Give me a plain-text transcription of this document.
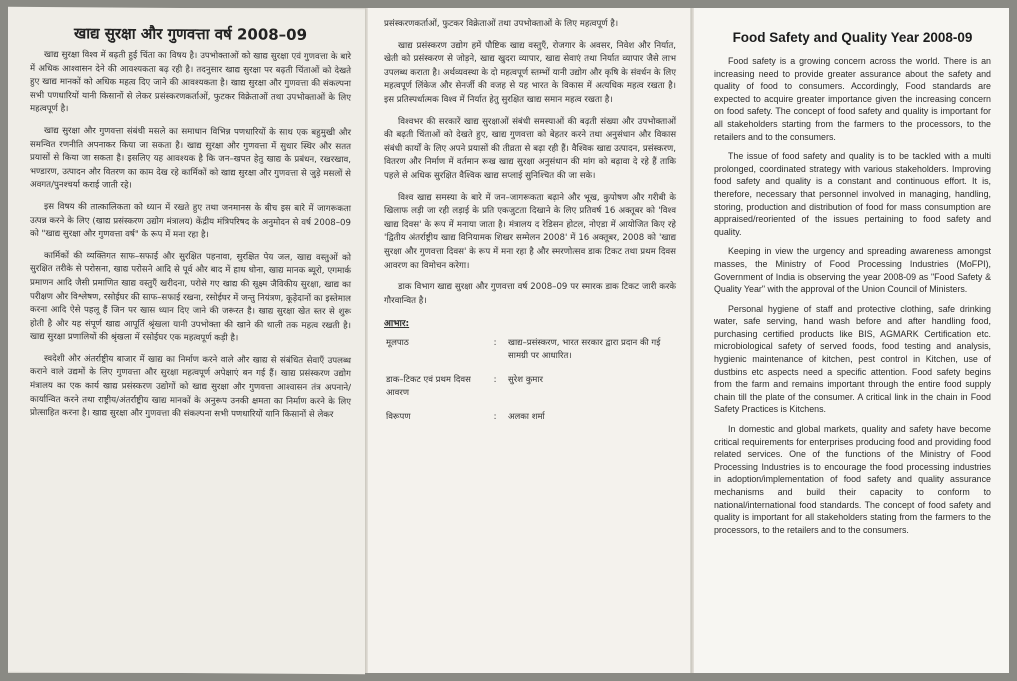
खाद्य सुरक्षा और गुणवत्ता वर्ष 2008–09

खाद्य सुरक्षा विश्व में बढ़ती हुई चिंता का विषय है। उपभोक्ताओं को खाद्य सुरक्षा एवं गुणवत्ता के बारे में अधिक आश्वासन देने की आवश्यकता बढ़ रही है। तदनुसार खाद्य सुरक्षा पर बढ़ती चिंताओं को देखते हुए खाद्य मानकों को अधिक महत्व दिए जाने की आवश्यकता है। खाद्य सुरक्षा और गुणवत्ता की संकल्पना सभी पणधारियों यानी किसानों से लेकर प्रसंस्करणकर्ताओं, फुटकर विक्रेताओं तथा उपभोक्ताओं के लिए महत्वपूर्ण है।

खाद्य सुरक्षा और गुणवत्ता संबंधी मसले का समाधान विभिन्न पणधारियों के साथ एक बहुमुखी और समन्वित रणनीति अपनाकर किया जा सकता है। खाद्य सुरक्षा और गुणवत्ता में सुधार स्थिर और सतत प्रयासों से किया जा सकता है। इसलिए यह आवश्यक है कि जन–खपत हेतु खाद्य के प्रबंधन, रखरखाव, भण्डारण, उत्पादन और वितरण का काम देख रहे कार्मिकों को खाद्य सुरक्षा और गुणवत्ता से जुड़े मसलों से अवगत/पुनश्चर्या कराई जाती रहे।

इस विषय की तात्कालिकता को ध्यान में रखते हुए तथा जनमानस के बीच इस बारे में जागरूकता उत्पन्न करने के लिए (खाद्य प्रसंस्करण उद्योग मंत्रालय) केंद्रीय मंत्रिपरिषद के अनुमोदन से वर्ष 2008–09 को "खाद्य सुरक्षा और गुणवत्ता वर्ष" के रूप में मना रहा है।

कार्मिकों की व्यक्तिगत साफ–सफाई और सुरक्षित पहनावा, सुरक्षित पेय जल, खाद्य वस्तुओं को सुरक्षित तरीके से परोसना, खाद्य परोसने आदि से पूर्व और बाद में हाथ धोना, खाद्य मानक ब्यूरो, एगमार्क प्रमाणन आदि जैसी प्रमाणित खाद्य वस्तुएँ खरीदना, परोसे गए खाद्य की सूक्ष्म जैविकीय सुरक्षा, खाद्य का परीक्षण और विश्लेषण, रसोईघर की साफ–सफाई रखना, रसोईघर में जन्तु नियंत्रण, कूड़ेदानों का इस्तेमाल करना आदि ऐसे पहलू हैं जिन पर खास ध्यान दिए जाने की जरूरत है। खाद्य सुरक्षा खेत स्तर से शुरू होती है और यह संपूर्ण खाद्य आपूर्ति श्रृंखला यानी उपभोक्ता की खाने की थाली तक महत्व रखती है। खाद्य सुरक्षा प्रणालियों की श्रृंखला में रसोईघर एक महत्वपूर्ण कड़ी है।

स्वदेशी और अंतर्राष्ट्रीय बाजार में खाद्य का निर्माण करने वाले और खाद्य से संबंधित सेवाएँ उपलब्ध कराने वाले उद्यमों के लिए गुणवत्ता और सुरक्षा महत्वपूर्ण अपेक्षाएं बन गई हैं। खाद्य प्रसंस्करण उद्योग मंत्रालय का एक कार्य खाद्य प्रसंस्करण उद्योगों को खाद्य सुरक्षा और गुणवत्ता आश्वासन तंत्र अपनाने/कार्यान्वित करने तथा राष्ट्रीय/अंतर्राष्ट्रीय खाद्य मानकों के अनुरूप उनकी क्षमता का निर्माण करने के लिए प्रोत्साहित करना है। खाद्य सुरक्षा और गुणवत्ता की संकल्पना सभी पणधारियों यानि किसानों से लेकर

प्रसंस्करणकर्ताओं, फुटकर विक्रेताओं तथा उपभोक्ताओं के लिए महत्वपूर्ण है।

खाद्य प्रसंस्करण उद्योग हमें पौष्टिक खाद्य वस्तुएँ, रोजगार के अवसर, निवेश और निर्यात, खेती को प्रसंस्करण से जोड़ने, खाद्य खुदरा व्यापार, खाद्य सेवाएं तथा निर्यात व्यापार जैसे लाभ उपलब्ध कराता है। अर्थव्यवस्था के दो महत्वपूर्ण स्तम्भों यानी उद्योग और कृषि के संवर्धन के लिए महत्वपूर्ण लिंकेज और सेनर्जी की वजह से यह भारत के विकास में अत्यधिक महत्व रखता है। इस प्रतिस्पर्धात्मक विश्व में निर्यात हेतु सुरक्षित खाद्य समान महत्व रखता है।

विश्वभर की सरकारें खाद्य सुरक्षाओं संबंधी समस्याओं की बढ़ती संख्या और उपभोक्ताओं की बढ़ती चिंताओं को देखते हुए, खाद्य गुणवत्ता को बेहतर करने तथा अनुसंधान और विकास संबंधी कार्यों के लिए अपने प्रयासों की तीव्रता से बढ़ा रही हैं। वैश्विक खाद्य उत्पादन, प्रसंस्करण, वितरण और निर्माण में वर्तमान रूख खाद्य सुरक्षा अनुसंधान की मांग को बढ़ावा दे रहे हैं ताकि पहले से अधिक सुरक्षित वैश्विक खाद्य सप्लाई सुनिश्चित की जा सके।

विश्व खाद्य समस्या के बारे में जन–जागरूकता बढ़ाने और भूख, कुपोषण और गरीबी के खिलाफ लड़ी जा रही लड़ाई के प्रति एकजुटता दिखाने के लिए प्रतिवर्ष 16 अक्तूबर को 'विश्व खाद्य दिवस' के रूप में मनाया जाता है। मंत्रालय द रेडिसन होटल, नोएडा में आयोजित किए रहे 'द्वितीय अंतर्राष्ट्रीय खाद्य विनियामक शिखर सम्मेलन 2008' में 16 अक्तूबर, 2008 को 'खाद्य सुरक्षा और गुणवत्ता दिवस' के रूप में मना रहा है और स्मरणोत्सव डाक टिकट तथा प्रथम दिवस आवरण का विमोचन करेगा।

डाक विभाग खाद्य सुरक्षा और गुणवत्ता वर्ष 2008–09 पर स्मारक डाक टिकट जारी करके गौरवान्वित है।

आभार:
मूलपाठ	:	खाद्य–प्रसंस्करण, भारत सरकार द्वारा प्रदान की गई सामग्री पर आधारित।
डाक–टिकट एवं प्रथम दिवस आवरण	:	सुरेश कुमार
विरूपण	:	अलका शर्मा
Food Safety and Quality Year 2008-09

Food safety is a growing concern across the world. There is an increasing need to provide greater assurance about the safety and quality of food to consumers. Accordingly, Food standards are expected to acquire greater importance given the increasing concern on food safety. The concept of food safety and quality is important for all stakeholders starting from the farmers to the processors, to the retailers and to the consumers.

The issue of food safety and quality is to be tackled with a multi prolonged, coordinated strategy with various stakeholders. Improving food safety and quality is a constant and continuous effort. It is, therefore, necessary that personnel involved in managing, handling, storing, production and distribution of food for mass consumption are appraised/reoriented of the issues pertaining to food safety and quality.

Keeping in view the urgency and spreading awareness amongst masses, the Ministry of Food Processing Industries (MoFPI), Government of India is observing the year 2008-09 as "Food Safety & Quality Year" with the approval of the Union Council of Ministers.

Personal hygiene of staff and protective clothing, safe drinking water, safe serving, hand wash before and after handling food, purchasing certified products like BIS, AGMARK Certification etc. microbiological safety of served foods, food testing and analysis, hygienic maintenance of kitchen, pest control in Kitchen, use of dustbins etc aspects need a specific attention. Food safety begins from the farm and remains important through the entire food supply chain till the plate of the consumer. A critical link in the chain in Food Safety Practices is Kitchens.

In domestic and global markets, quality and safety have become critical requirements for enterprises producing food and providing food related services. One of the functions of the Ministry of Food Processing Industries is to encourage the food processing industries in adoption/implementation of food safety and quality assurance mechanisms and build their capacity to conform to national/international food standards. The concept of food safety and quality is important for all stakeholders stating from the farmers to the processors, to the retailers and to the consumers.
